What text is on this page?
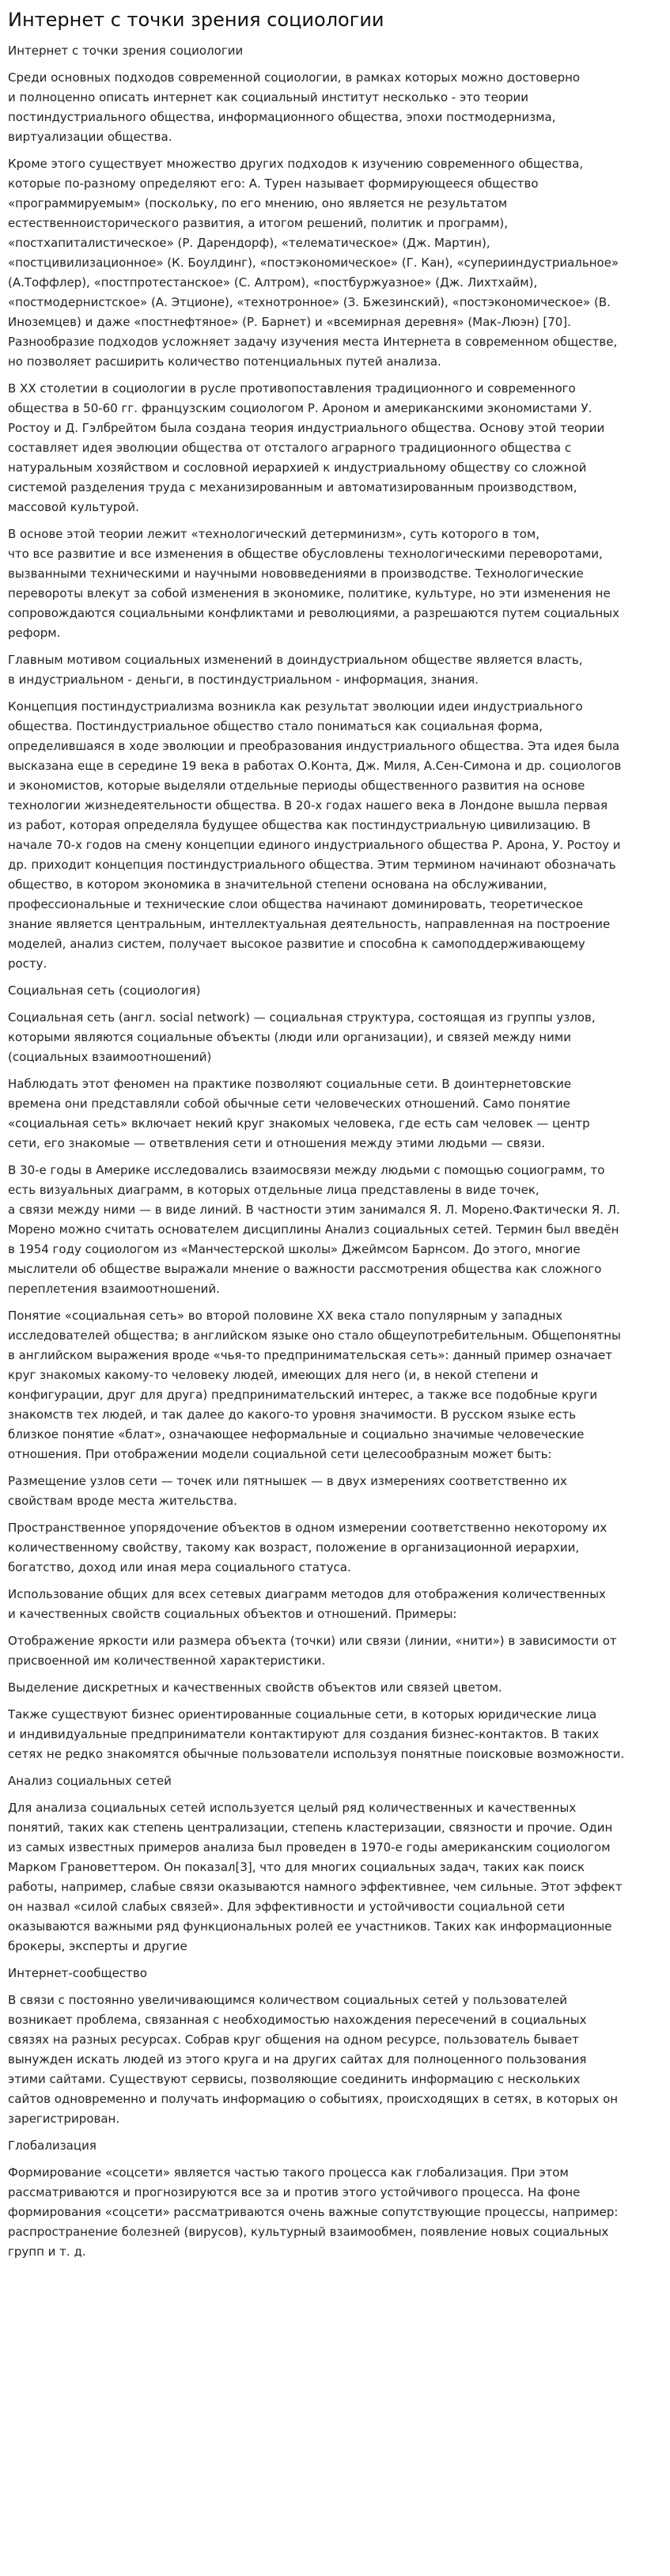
Интернет с точки зрения социологии

Интернет с точки зрения социологии

Среди основных подходов современной социологии, в рамках которых можно достоверно
и полноценно описать интернет как социальный институт несколько - это теории
постиндустриального общества, информационного общества, эпохи постмодернизма,
виртуализации общества.

Кроме этого существует множество других подходов к изучению современного общества,
которые по-разному определяют его: А. Турен называет формирующееся общество
«программируемым» (поскольку, по его мнению, оно является не результатом
естественноисторического развития, а итогом решений, политик и программ),
«постхапиталистическое» (Р. Дарендорф), «телематическое» (Дж. Мартин),
«постцивилизационное» (К. Боулдинг), «постэкономическое» (Г. Кан), «суперииндустриальное»
(А.Тоффлер), «постпротестанское» (С. Алтром), «постбуржуазное» (Дж. Лихтхайм),
«постмодернистское» (А. Этционе), «технотронное» (З. Бжезинский), «постэкономическое» (В.
Иноземцев) и даже «постнефтяное» (Р. Барнет) и «всемирная деревня» (Мак-Люэн) [70].
Разнообразие подходов усложняет задачу изучения места Интернета в современном обществе,
но позволяет расширить количество потенциальных путей анализа.

В XX столетии в социологии в русле противопоставления традиционного и современного
общества в 50-60 гг. французским социологом Р. Ароном и американскими экономистами У.
Ростоу и Д. Гэлбрейтом была создана теория индустриального общества. Основу этой теории
составляет идея эволюции общества от отсталого аграрного традиционного общества с
натуральным хозяйством и сословной иерархией к индустриальному обществу со сложной
системой разделения труда с механизированным и автоматизированным производством,
массовой культурой.

В основе этой теории лежит «технологический детерминизм», суть которого в том,
что все развитие и все изменения в обществе обусловлены технологическими переворотами,
вызванными техническими и научными нововведениями в производстве. Технологические
перевороты влекут за собой изменения в экономике, политике, культуре, но эти изменения не
сопровождаются социальными конфликтами и революциями, а разрешаются путем социальных
реформ.

Главным мотивом социальных изменений в доиндустриальном обществе является власть,
в индустриальном - деньги, в постиндустриальном - информация, знания.

Концепция постиндустриализма возникла как результат эволюции идеи индустриального
общества. Постиндустриальное общество стало пониматься как социальная форма,
определившаяся в ходе эволюции и преобразования индустриального общества. Эта идея была
высказана еще в середине 19 века в работах О.Конта, Дж. Миля, А.Сен-Симона и др. социологов
и экономистов, которые выделяли отдельные периоды общественного развития на основе
технологии жизнедеятельности общества. В 20-х годах нашего века в Лондоне вышла первая
из работ, которая определяла будущее общества как постиндустриальную цивилизацию. В
начале 70-х годов на смену концепции единого индустриального общества Р. Арона, У. Ростоу и
др. приходит концепция постиндустриального общества. Этим термином начинают обозначать
общество, в котором экономика в значительной степени основана на обслуживании,
профессиональные и технические слои общества начинают доминировать, теоретическое
знание является центральным, интеллектуальная деятельность, направленная на построение
моделей, анализ систем, получает высокое развитие и способна к самоподдерживающему
росту.

Социальная сеть (социология)

Социальная сеть (англ. social network) — социальная структура, состоящая из группы узлов,
которыми являются социальные объекты (люди или организации), и связей между ними
(социальных взаимоотношений)

Наблюдать этот феномен на практике позволяют социальные сети. В доинтернетовские
времена они представляли собой обычные сети человеческих отношений. Само понятие
«социальная сеть» включает некий круг знакомых человека, где есть сам человек — центр
сети, его знакомые — ответвления сети и отношения между этими людьми — связи.

В 30-е годы в Америке исследовались взаимосвязи между людьми с помощью социограмм, то
есть визуальных диаграмм, в которых отдельные лица представлены в виде точек,
а связи между ними — в виде линий. В частности этим занимался Я. Л. Морено.Фактически Я. Л.
Морено можно считать основателем дисциплины Анализ социальных сетей. Термин был введён
в 1954 году социологом из «Манчестерской школы» Джеймсом Барнсом. До этого, многие
мыслители об обществе выражали мнение о важности рассмотрения общества как сложного
переплетения взаимоотношений.

Понятие «социальная сеть» во второй половине XX века стало популярным у западных
исследователей общества; в английском языке оно стало общеупотребительным. Общепонятны
в английском выражения вроде «чья-то предпринимательская сеть»: данный пример означает
круг знакомых какому-то человеку людей, имеющих для него (и, в некой степени и
конфигурации, друг для друга) предпринимательский интерес, а также все подобные круги
знакомств тех людей, и так далее до какого-то уровня значимости. В русском языке есть
близкое понятие «блат», означающее неформальные и социально значимые человеческие
отношения. При отображении модели социальной сети целесообразным может быть:

Размещение узлов сети — точек или пятнышек — в двух измерениях соответственно их
свойствам вроде места жительства.

Пространственное упорядочение объектов в одном измерении соответственно некоторому их
количественному свойству, такому как возраст, положение в организационной иерархии,
богатство, доход или иная мера социального статуса.

Использование общих для всех сетевых диаграмм методов для отображения количественных
и качественных свойств социальных объектов и отношений. Примеры:

Отображение яркости или размера объекта (точки) или связи (линии, «нити») в зависимости от
присвоенной им количественной характеристики.

Выделение дискретных и качественных свойств объектов или связей цветом.

Также существуют бизнес ориентированные социальные сети, в которых юридические лица
и индивидуальные предприниматели контактируют для создания бизнес-контактов. В таких
сетях не редко знакомятся обычные пользователи используя понятные поисковые возможности.

Анализ социальных сетей

Для анализа социальных сетей используется целый ряд количественных и качественных
понятий, таких как степень централизации, степень кластеризации, связности и прочие. Один
из самых известных примеров анализа был проведен в 1970-е годы американским социологом
Марком Грановеттером. Он показал[3], что для многих социальных задач, таких как поиск
работы, например, слабые связи оказываются намного эффективнее, чем сильные. Этот эффект
он назвал «силой слабых связей». Для эффективности и устойчивости социальной сети
оказываются важными ряд функциональных ролей ее участников. Таких как информационные
брокеры, эксперты и другие

Интернет-сообщество

В связи с постоянно увеличивающимся количеством социальных сетей у пользователей
возникает проблема, связанная с необходимостью нахождения пересечений в социальных
связях на разных ресурсах. Собрав круг общения на одном ресурсе, пользователь бывает
вынужден искать людей из этого круга и на других сайтах для полноценного пользования
этими сайтами. Существуют сервисы, позволяющие соединить информацию с нескольких
сайтов одновременно и получать информацию о событиях, происходящих в сетях, в которых он
зарегистрирован.

Глобализация

Формирование «соцсети» является частью такого процесса как глобализация. При этом
рассматриваются и прогнозируются все за и против этого устойчивого процесса. На фоне
формирования «соцсети» рассматриваются очень важные сопутствующие процессы, например:
распространение болезней (вирусов), культурный взаимообмен, появление новых социальных
групп и т. д.
